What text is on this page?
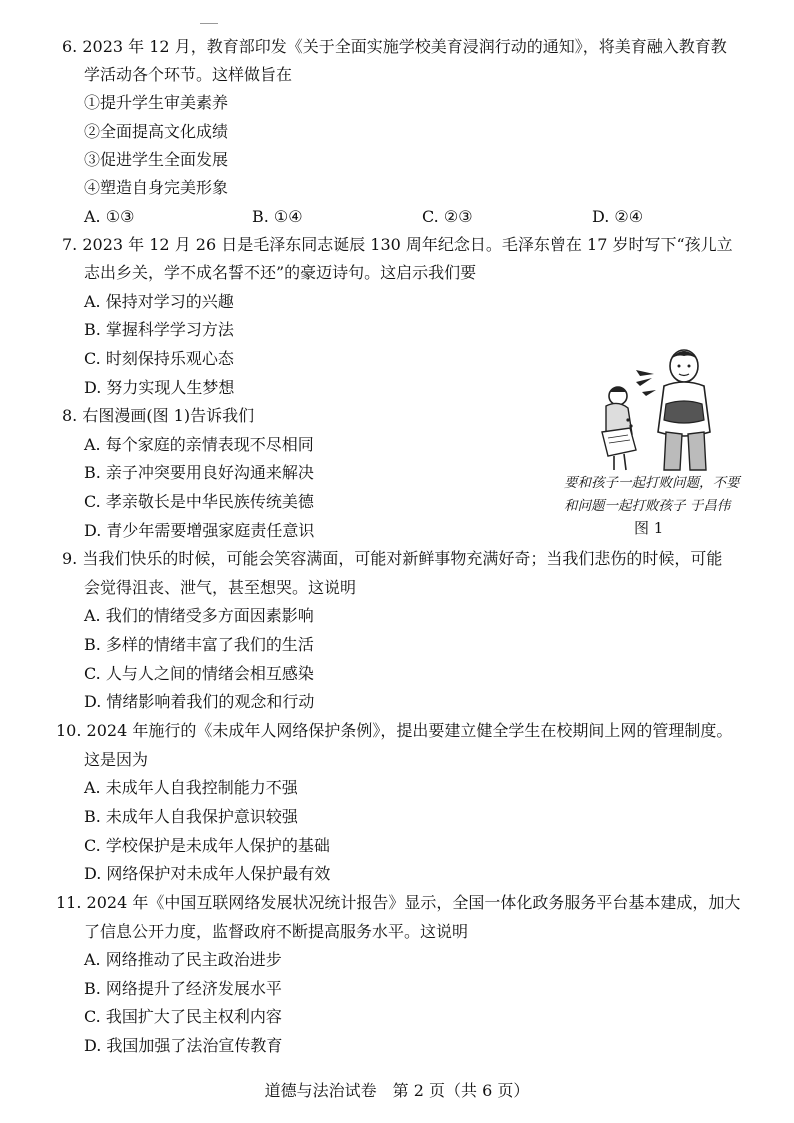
6. 2023 年 12 月，教育部印发《关于全面实施学校美育浸润行动的通知》，将美育融入教育教
学活动各个环节。这样做旨在
①提升学生审美素养
②全面提高文化成绩
③促进学生全面发展
④塑造自身完美形象
A. ①③	B. ①④	C. ②③	D. ②④
7. 2023 年 12 月 26 日是毛泽东同志诞辰 130 周年纪念日。毛泽东曾在 17 岁时写下“孩儿立
志出乡关，学不成名誓不还”的豪迈诗句。这启示我们要
A. 保持对学习的兴趣
B. 掌握科学学习方法
C. 时刻保持乐观心态
D. 努力实现人生梦想
8. 右图漫画(图 1)告诉我们
A. 每个家庭的亲情表现不尽相同
B. 亲子冲突要用良好沟通来解决
C. 孝亲敬长是中华民族传统美德
D. 青少年需要增强家庭责任意识
要和孩子一起打败问题，不要
和问题一起打败孩子 于昌伟
图 1
9. 当我们快乐的时候，可能会笑容满面，可能对新鲜事物充满好奇；当我们悲伤的时候，可能
会觉得沮丧、泄气，甚至想哭。这说明
A. 我们的情绪受多方面因素影响
B. 多样的情绪丰富了我们的生活
C. 人与人之间的情绪会相互感染
D. 情绪影响着我们的观念和行动
10. 2024 年施行的《未成年人网络保护条例》，提出要建立健全学生在校期间上网的管理制度。
这是因为
A. 未成年人自我控制能力不强
B. 未成年人自我保护意识较强
C. 学校保护是未成年人保护的基础
D. 网络保护对未成年人保护最有效
11. 2024 年《中国互联网络发展状况统计报告》显示，全国一体化政务服务平台基本建成，加大
了信息公开力度，监督政府不断提高服务水平。这说明
A. 网络推动了民主政治进步
B. 网络提升了经济发展水平
C. 我国扩大了民主权利内容
D. 我国加强了法治宣传教育
道德与法治试卷　第 2 页（共 6 页）
